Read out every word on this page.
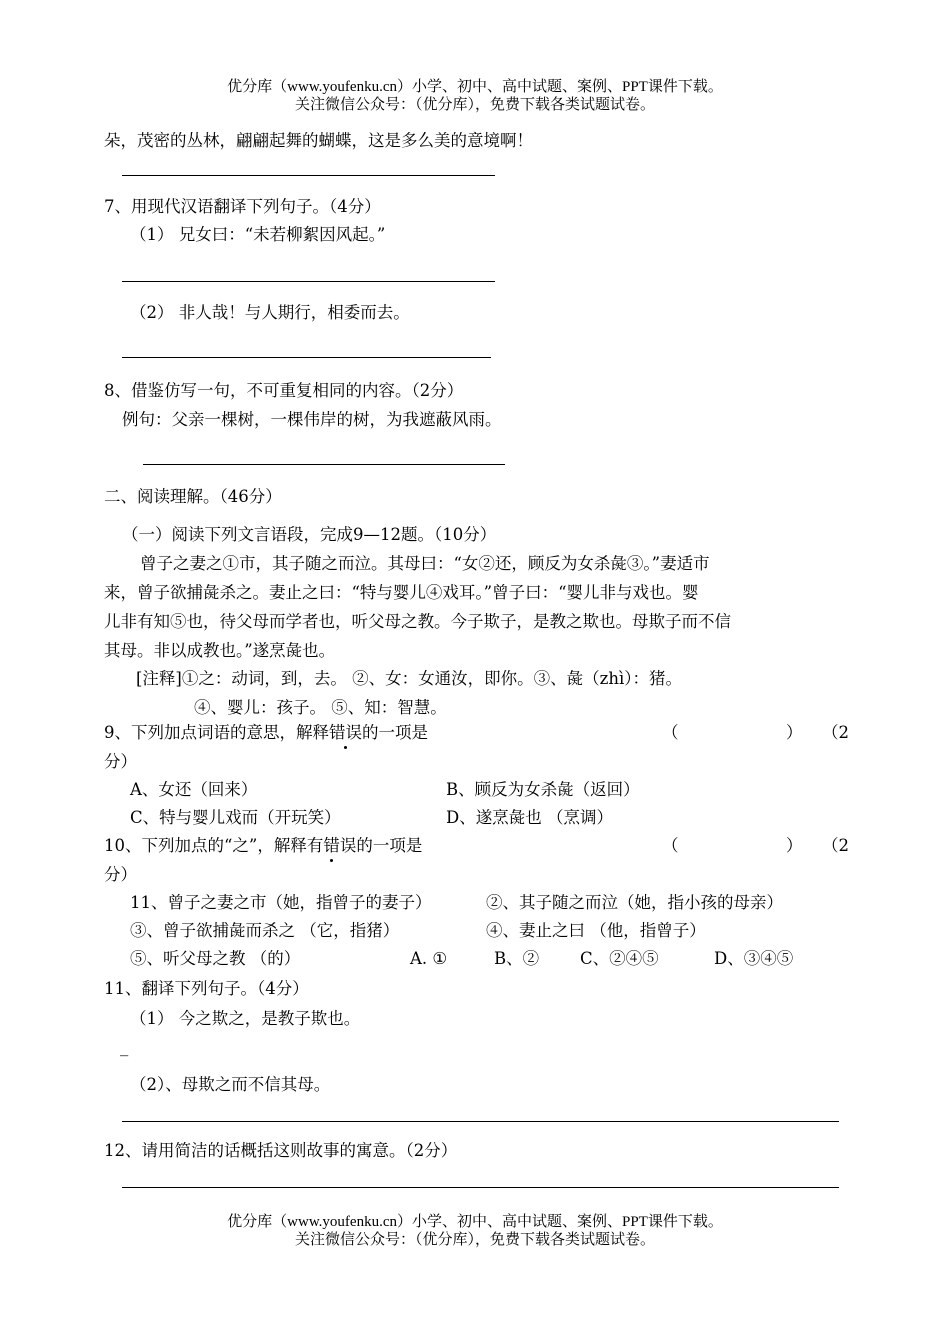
优分库（www.youfenku.cn）小学、初中、高中试题、案例、PPT课件下载。
关注微信公众号：（优分库），免费下载各类试题试卷。
朵，茂密的丛林，翩翩起舞的蝴蝶，这是多么美的意境啊！
7、用现代汉语翻译下列句子。（4分）
（1） 兄女曰：“未若柳絮因风起。”
（2） 非人哉！与人期行，相委而去。
8、借鉴仿写一句，不可重复相同的内容。（2分）
例句：父亲一棵树，一棵伟岸的树，为我遮蔽风雨。
二、阅读理解。（46分）
（一）阅读下列文言语段，完成9—12题。（10分）
曾子之妻之①市，其子随之而泣。其母曰：“女②还，顾反为女杀彘③。”妻适市
来，曾子欲捕彘杀之。妻止之曰：“特与婴儿④戏耳。”曾子曰：“婴儿非与戏也。婴
儿非有知⑤也，待父母而学者也，听父母之教。今子欺子，是教之欺也。母欺子而不信
其母。非以成教也。”遂烹彘也。
[注释]①之：动词，到，去。 ②、女：女通汝，即你。③、彘（zhì）：猪。
④、婴儿：孩子。 ⑤、知：智慧。
9、下列加点词语的意思，解释错误的一项是	（	） （2
分）
A、女还（回来）	B、顾反为女杀彘（返回）
C、特与婴儿戏而（开玩笑）	D、遂烹彘也 （烹调）
10、下列加点的“之”，解释有错误的一项是	（	） （2
分）
11、曾子之妻之市（她，指曾子的妻子）	②、其子随之而泣（她，指小孩的母亲）
③、曾子欲捕彘而杀之 （它，指猪）	④、妻止之曰 （他，指曾子）
⑤、听父母之教 （的）	A. ①	B、② C、②④⑤	D、③④⑤
11、翻译下列句子。（4分）
（1） 今之欺之，是教子欺也。
_
（2）、母欺之而不信其母。
12、请用简洁的话概括这则故事的寓意。（2分）
优分库（www.youfenku.cn）小学、初中、高中试题、案例、PPT课件下载。
关注微信公众号：（优分库），免费下载各类试题试卷。
